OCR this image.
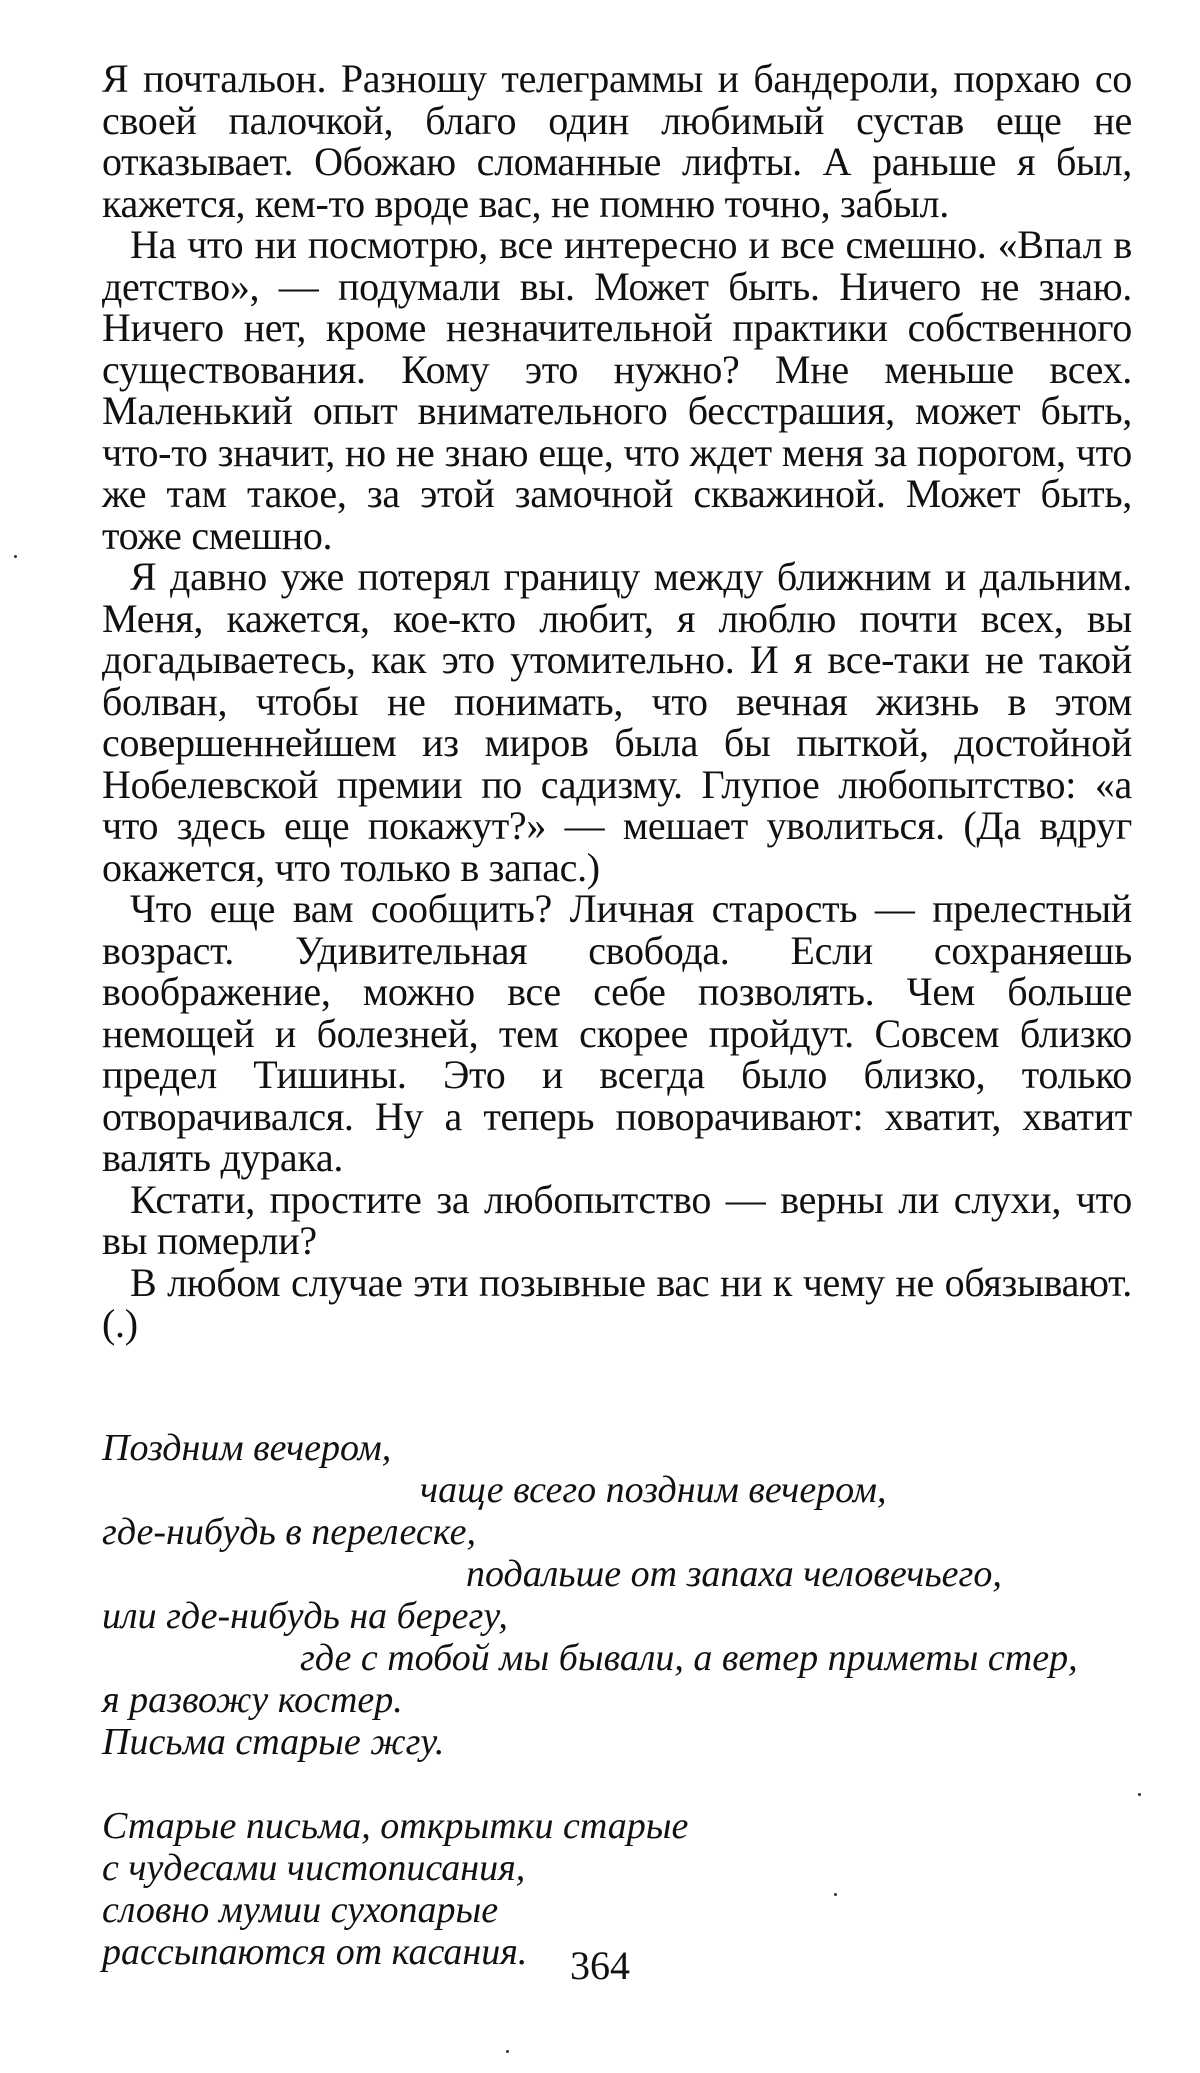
Я почтальон. Разношу телеграммы и бандероли, порхаю со своей палочкой, благо один любимый сустав еще не отказывает. Обожаю сломанные лифты. А раньше я был, кажется, кем-то вроде вас, не помню точно, забыл.

На что ни посмотрю, все интересно и все смешно. «Впал в детство», — подумали вы. Может быть. Ничего не знаю. Ничего нет, кроме незначительной практики собственного существования. Кому это нужно? Мне меньше всех. Маленький опыт внимательного бесстрашия, может быть, что-то значит, но не знаю еще, что ждет меня за порогом, что же там такое, за этой замочной скважиной. Может быть, тоже смешно.

Я давно уже потерял границу между ближним и дальним. Меня, кажется, кое-кто любит, я люблю почти всех, вы догадываетесь, как это утомительно. И я все-таки не такой болван, чтобы не понимать, что вечная жизнь в этом совершеннейшем из миров была бы пыткой, достойной Нобелевской премии по садизму. Глупое любопытство: «а что здесь еще покажут?» — мешает уволиться. (Да вдруг окажется, что только в запас.)

Что еще вам сообщить? Личная старость — прелестный возраст. Удивительная свобода. Если сохраняешь воображение, можно все себе позволять. Чем больше немощей и болезней, тем скорее пройдут. Совсем близко предел Тишины. Это и всегда было близко, только отворачивался. Ну а теперь поворачивают: хватит, хватит валять дурака.

Кстати, простите за любопытство — верны ли слухи, что вы померли?

В любом случае эти позывные вас ни к чему не обязывают. (.)

Поздним вечером,
чаще всего поздним вечером,
где-нибудь в перелеске,
подальше от запаха человечьего,
или где-нибудь на берегу,
где с тобой мы бывали, а ветер приметы стер,
я развожу костер.
Письма старые жгу.
Старые письма, открытки старые
с чудесами чистописания,
словно мумии сухопарые
рассыпаются от касания.	364
